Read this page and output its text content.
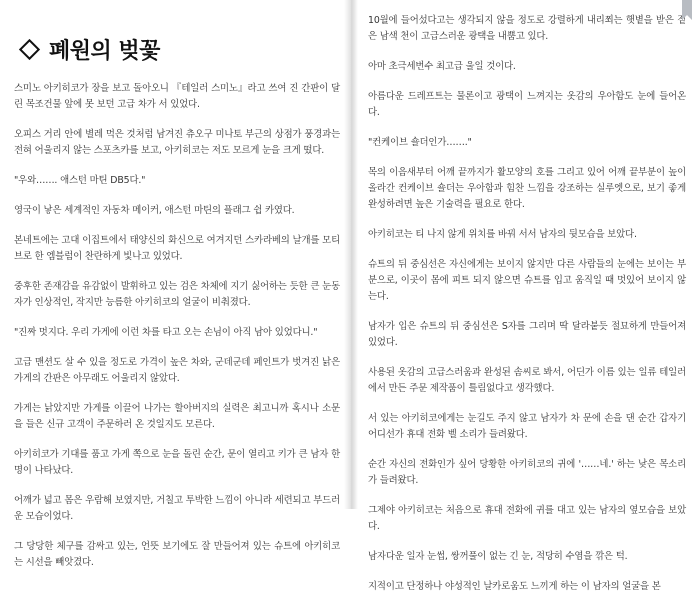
폐원의 벚꽃

스미노 아키히코가 장을 보고 돌아오니 『테일러 스미노』라고 쓰여 진 간판이 달린 목조건물 앞에 못 보던 고급 차가 서 있었다.

오피스 거리 안에 별레 먹은 것처럼 남겨진 츄오구 미나토 부근의 상점가 풍경과는 전혀 어울리지 않는 스포츠카를 보고, 아키히코는 저도 모르게 눈을 크게 떴다.

"우와……. 애스턴 마틴 DB5다."

영국이 낳은 세계적인 자동차 메이커, 애스턴 마틴의 플래그 쉽 카였다.

본네트에는 고대 이집트에서 태양신의 화신으로 여겨지던 스카라베의 날개를 모티브로 한 엠블럼이 찬란하게 빛나고 있었다.

중후한 존재감을 유감없이 발휘하고 있는 검은 차체에 지기 싫어하는 듯한 큰 눈동자가 인상적인, 작지만 능름한 아키히코의 얼굴이 비춰졌다.

"진짜 멋지다. 우리 가게에 이런 차를 타고 오는 손님이 아직 남아 있었다니."

고급 맨션도 살 수 있을 정도로 가격이 높은 차와, 군데군데 페인트가 벗겨진 낡은 가게의 간판은 아무래도 어울리지 않았다.

가게는 낡았지만 가게를 이끌어 나가는 할아버지의 실력은 최고니까 혹시나 소문을 들은 신규 고객이 주문하러 온 것일지도 모른다.

아키히코가 기대를 품고 가게 쪽으로 눈을 돌린 순간, 문이 열리고 키가 큰 남자 한 명이 나타났다.

어깨가 넓고 몸은 우람해 보였지만, 거칠고 투박한 느낌이 아니라 세련되고 부드러운 모습이었다.

그 당당한 체구를 감싸고 있는, 언뜻 보기에도 잘 만들어져 있는 슈트에 아키히코는 시선을 빼앗겼다.

10월에 들어섰다고는 생각되지 않을 정도로 강렬하게 내리쬐는 햇볕을 받은 짙은 남색 천이 고급스러운 광택을 내뿜고 있다.

아마 초극세번수 최고급 울일 것이다.

아름다운 드레프트는 물론이고 광택이 느껴지는 옷감의 우아함도 눈에 들어온다.

"컨케이브 숄더인가……."

목의 이음새부터 어깨 끝까지가 활모양의 호를 그리고 있어 어깨 끝부분이 높이 올라간 컨케이브 숄더는 우아함과 힘찬 느낌을 강조하는 실루엣으로, 보기 좋게 완성하려면 높은 기술력을 필요로 한다.

아키히코는 티 나지 않게 위치를 바꿔 서서 남자의 뒷모습을 보았다.

슈트의 뒤 중심선은 자신에게는 보이지 않지만 다른 사람들의 눈에는 보이는 부분으로, 이곳이 몸에 피트 되지 않으면 슈트를 입고 움직일 때 멋있어 보이지 않는다.

남자가 입은 슈트의 뒤 중심선은 S자를 그리며 딱 달라붙듯 절묘하게 만들어져 있었다.

사용된 옷감의 고급스러움과 완성된 솜씨로 봐서, 어딘가 이름 있는 일류 테일러에서 만든 주문 제작품이 틀림없다고 생각했다.

서 있는 아키히코에게는 눈길도 주지 않고 남자가 차 문에 손을 댄 순간 갑자기 어디선가 휴대 전화 벨 소리가 들려왔다.

순간 자신의 전화인가 싶어 당황한 아키히코의 귀에 '……네.' 하는 낮은 목소리가 들려왔다.

그제야 아키히코는 처음으로 휴대 전화에 귀를 대고 있는 남자의 옆모습을 보았다.

남자다운 일자 눈썹, 쌍꺼풀이 없는 긴 눈, 적당히 수염을 깎은 턱.

지적이고 단정하나 야성적인 날카로움도 느끼게 하는 이 남자의 얼굴을 본
